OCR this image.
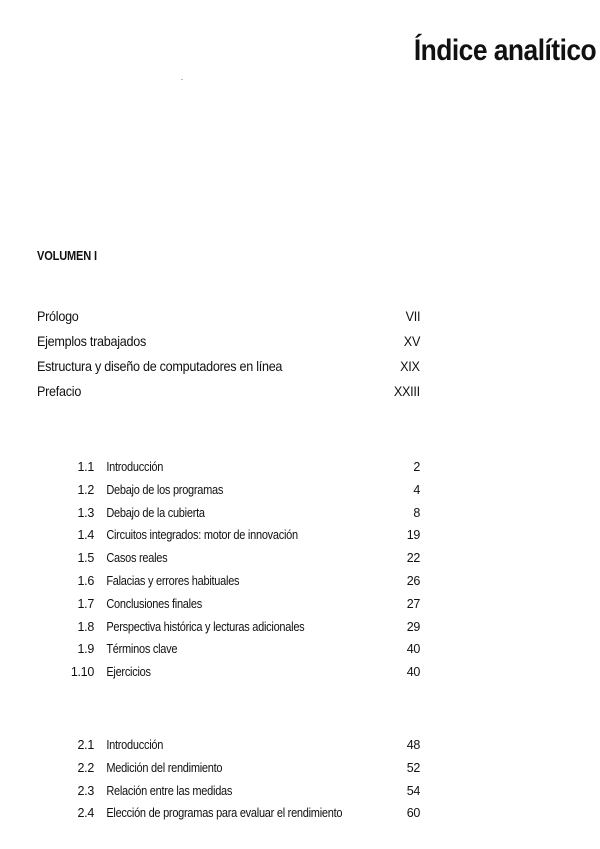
Índice analítico
VOLUMEN I
Prólogo	VII
Ejemplos trabajados	XV
Estructura y diseño de computadores en línea	XIX
Prefacio	XXIII
1.1 Introducción	2
1.2 Debajo de los programas	4
1.3 Debajo de la cubierta	8
1.4 Circuitos integrados: motor de innovación	19
1.5 Casos reales	22
1.6 Falacias y errores habituales	26
1.7 Conclusiones finales	27
1.8 Perspectiva histórica y lecturas adicionales	29
1.9 Términos clave	40
1.10 Ejercicios	40
2.1 Introducción	48
2.2 Medición del rendimiento	52
2.3 Relación entre las medidas	54
2.4 Elección de programas para evaluar el rendimiento	60
